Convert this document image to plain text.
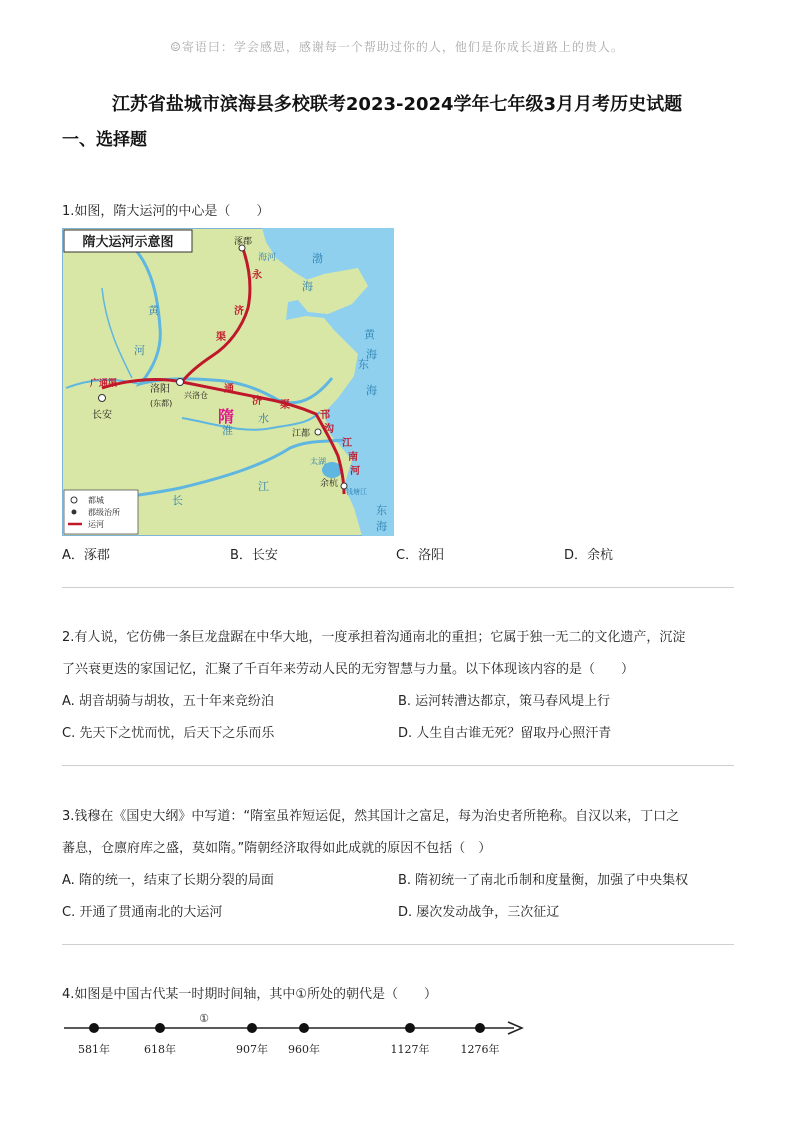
☺寄语曰：学会感恩，感谢每一个帮助过你的人，他们是你成长道路上的贵人。
江苏省盐城市滨海县多校联考2023-2024学年七年级3月月考历史试题
一、选择题
1.如图，隋大运河的中心是（　　）
隋大运河示意图	涿郡
洛阳
(东都)
兴洛仓
长安
江都
余杭
海河	渤
海
黄
海
东
海
黄
河
淮
水
长
江
太湖
钱塘江
东
海
永
济
渠
广通渠	通
济 渠
邗
沟
江
南
河
隋
都城
郡级治所
运河
A．涿郡	B．长安	C．洛阳	D．余杭
2.有人说，它仿佛一条巨龙盘踞在中华大地，一度承担着沟通南北的重担；它属于独一无二的文化遗产，沉淀
了兴衰更迭的家国记忆，汇聚了千百年来劳动人民的无穷智慧与力量。以下体现该内容的是（　　）
A. 胡音胡骑与胡妆，五十年来竞纷泊	B. 运河转漕达都京，策马春风堤上行
C. 先天下之忧而忧，后天下之乐而乐	D. 人生自古谁无死？留取丹心照汗青
3.钱穆在《国史大纲》中写道：“隋室虽祚短运促，然其国计之富足，每为治史者所艳称。自汉以来，丁口之
蕃息，仓廪府库之盛，莫如隋。”隋朝经济取得如此成就的原因不包括（　）
A. 隋的统一，结束了长期分裂的局面	B. 隋初统一了南北币制和度量衡，加强了中央集权
C. 开通了贯通南北的大运河	D. 屡次发动战争，三次征辽
4.如图是中国古代某一时期时间轴，其中①所处的朝代是（　　）
①
581年	618年	907年 960年	1127年	1276年
